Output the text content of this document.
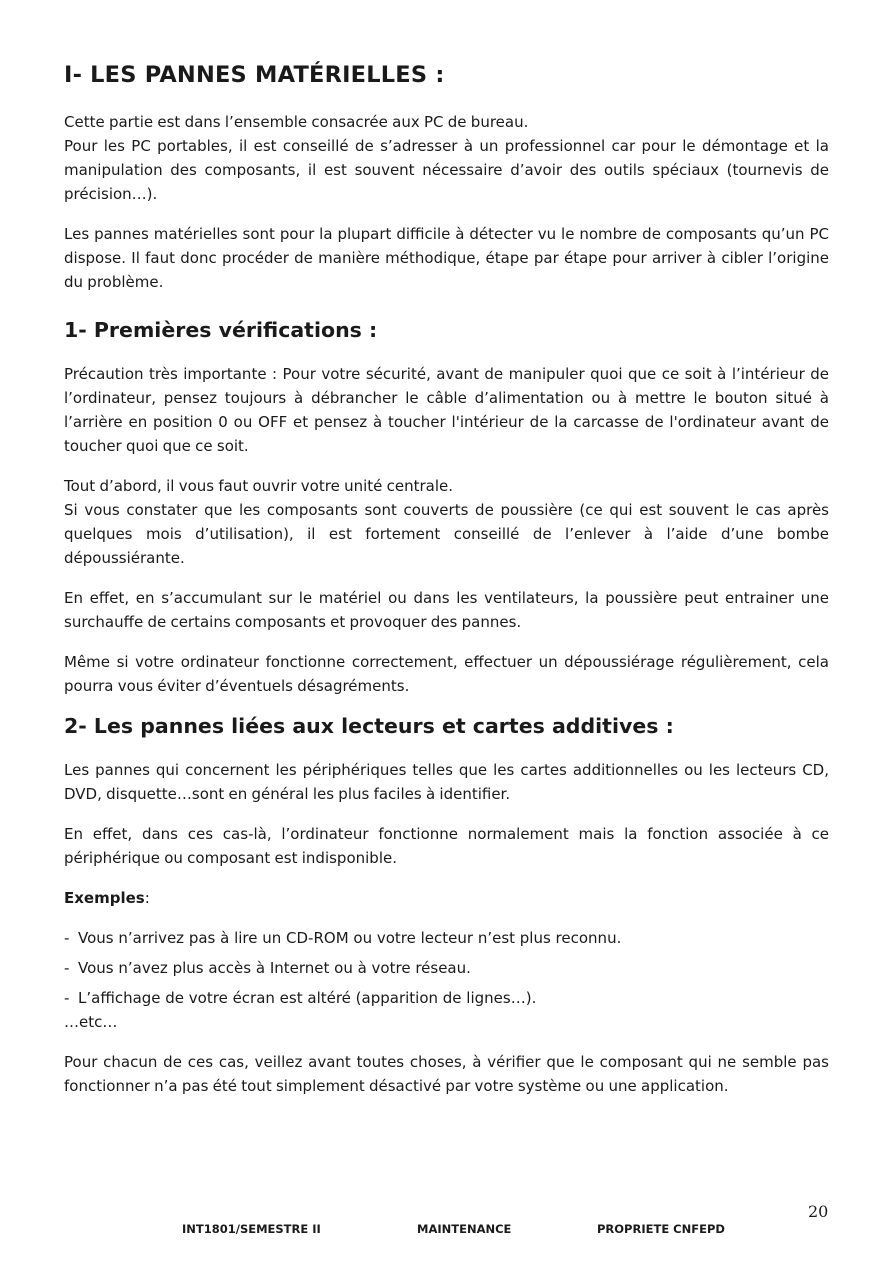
I- LES PANNES MATÉRIELLES :

Cette partie est dans l’ensemble consacrée aux PC de bureau.
Pour les PC portables, il est conseillé de s’adresser à un professionnel car pour le démontage et la manipulation des composants, il est souvent nécessaire d’avoir des outils spéciaux (tournevis de précision…).

Les pannes matérielles sont pour la plupart difficile à détecter vu le nombre de composants qu’un PC dispose. Il faut donc procéder de manière méthodique, étape par étape pour arriver à cibler l’origine du problème.

1- Premières vérifications :

Précaution très importante : Pour votre sécurité, avant de manipuler quoi que ce soit à l’intérieur de l’ordinateur, pensez toujours à débrancher le câble d’alimentation ou à mettre le bouton situé à l’arrière en position 0 ou OFF et pensez à toucher l'intérieur de la carcasse de l'ordinateur avant de toucher quoi que ce soit.

Tout d’abord, il vous faut ouvrir votre unité centrale.
Si vous constater que les composants sont couverts de poussière (ce qui est souvent le cas après quelques mois d’utilisation), il est fortement conseillé de l’enlever à l’aide d’une bombe dépoussiérante.

En effet, en s’accumulant sur le matériel ou dans les ventilateurs, la poussière peut entrainer une surchauffe de certains composants et provoquer des pannes.

Même si votre ordinateur fonctionne correctement, effectuer un dépoussiérage régulièrement, cela pourra vous éviter d’éventuels désagréments.

2- Les pannes liées aux lecteurs et cartes additives :

Les pannes qui concernent les périphériques telles que les cartes additionnelles ou les lecteurs CD, DVD, disquette…sont en général les plus faciles à identifier.

En effet, dans ces cas-là, l’ordinateur fonctionne normalement mais la fonction associée à ce périphérique ou composant est indisponible.

Exemples:

- Vous n’arrivez pas à lire un CD-ROM ou votre lecteur n’est plus reconnu.
- Vous n’avez plus accès à Internet ou à votre réseau.
- L’affichage de votre écran est altéré (apparition de lignes…).
…etc…

Pour chacun de ces cas, veillez avant toutes choses, à vérifier que le composant qui ne semble pas fonctionner n’a pas été tout simplement désactivé par votre système ou une application.

20
INT1801/SEMESTRE II	MAINTENANCE	PROPRIETE CNFEPD
